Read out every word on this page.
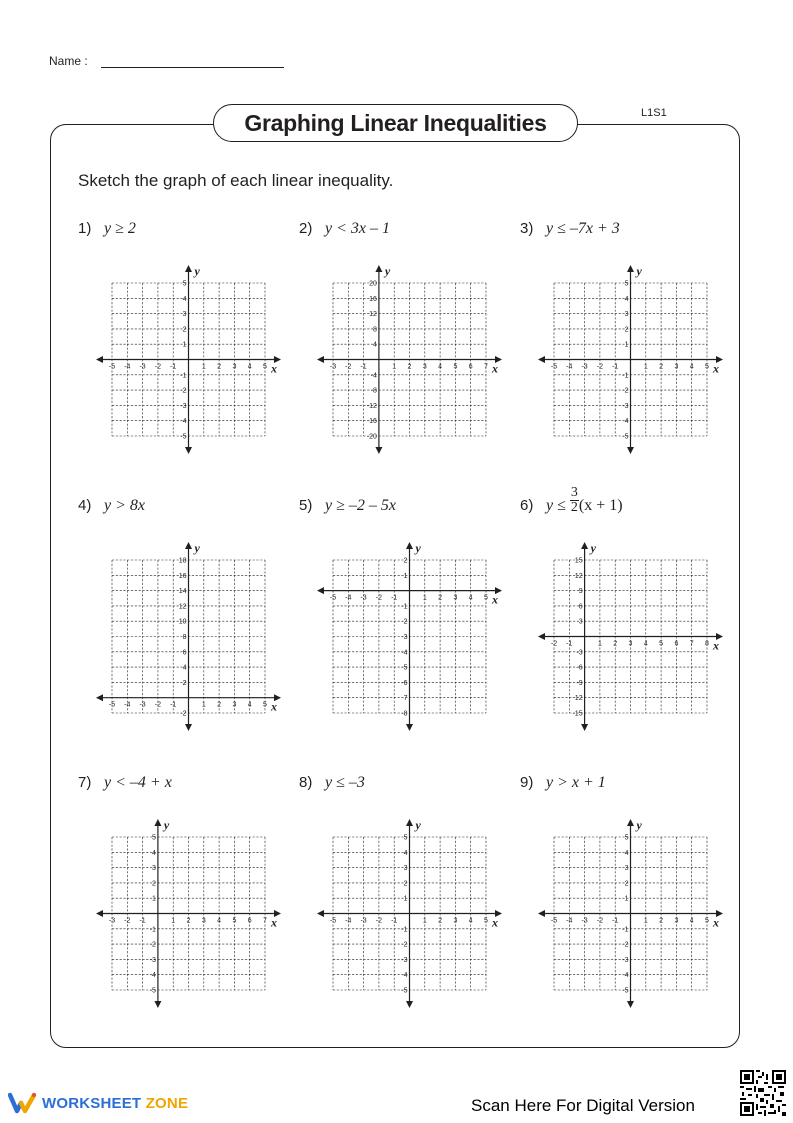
Name :
Graphing Linear Inequalities	L1S1
Sketch the graph of each linear inequality.
1) y ≥ 2	2) y < 3x – 1	3) y ≤ –7x + 3
4) y > 8x	5) y ≥ –2 – 5x	6) $y \le \frac{3}{2} (x + 1)$
7) y < –4 + x	8) y ≤ –3	9) y > x + 1
x
y
-5 -4 -3 -2 -1	1 2 3 4 5
5
4
3
2
1
-1
-2
-3
-4
-5
x
y
-3 -2 -1	1 2 3 4 5 6 7
20
16
12
8
4
-4
-8
-12
-16
-20
x
y
-5 -4 -3 -2 -1	1 2 3 4 5
5
4
3
2
1
-1
-2
-3
-4
-5
x
y
-5 -4 -3 -2 -1	1 2 3 4 5
18
16
14
12
10
8
6
4
2
-2
x
y
-5 -4 -3 -2 -1	1 2 3 4 5
2
1
-1
-2
-3
-4
-5
-6
-7
-8
x
y
-2 -1	1 2 3 4 5 6 7 8
15
12
9
6
3
-3
-6
-9
-12
-15
x
y
-3 -2 -1	1 2 3 4 5 6 7
5
4
3
2
1
-1
-2
-3
-4
-5
x
y
-5 -4 -3 -2 -1	1 2 3 4 5
5
4
3
2
1
-1
-2
-3
-4
-5
x
y
-5 -4 -3 -2 -1	1 2 3 4 5
5
4
3
2
1
-1
-2
-3
-4
-5
WORKSHEET ZONE	Scan Here For Digital Version
